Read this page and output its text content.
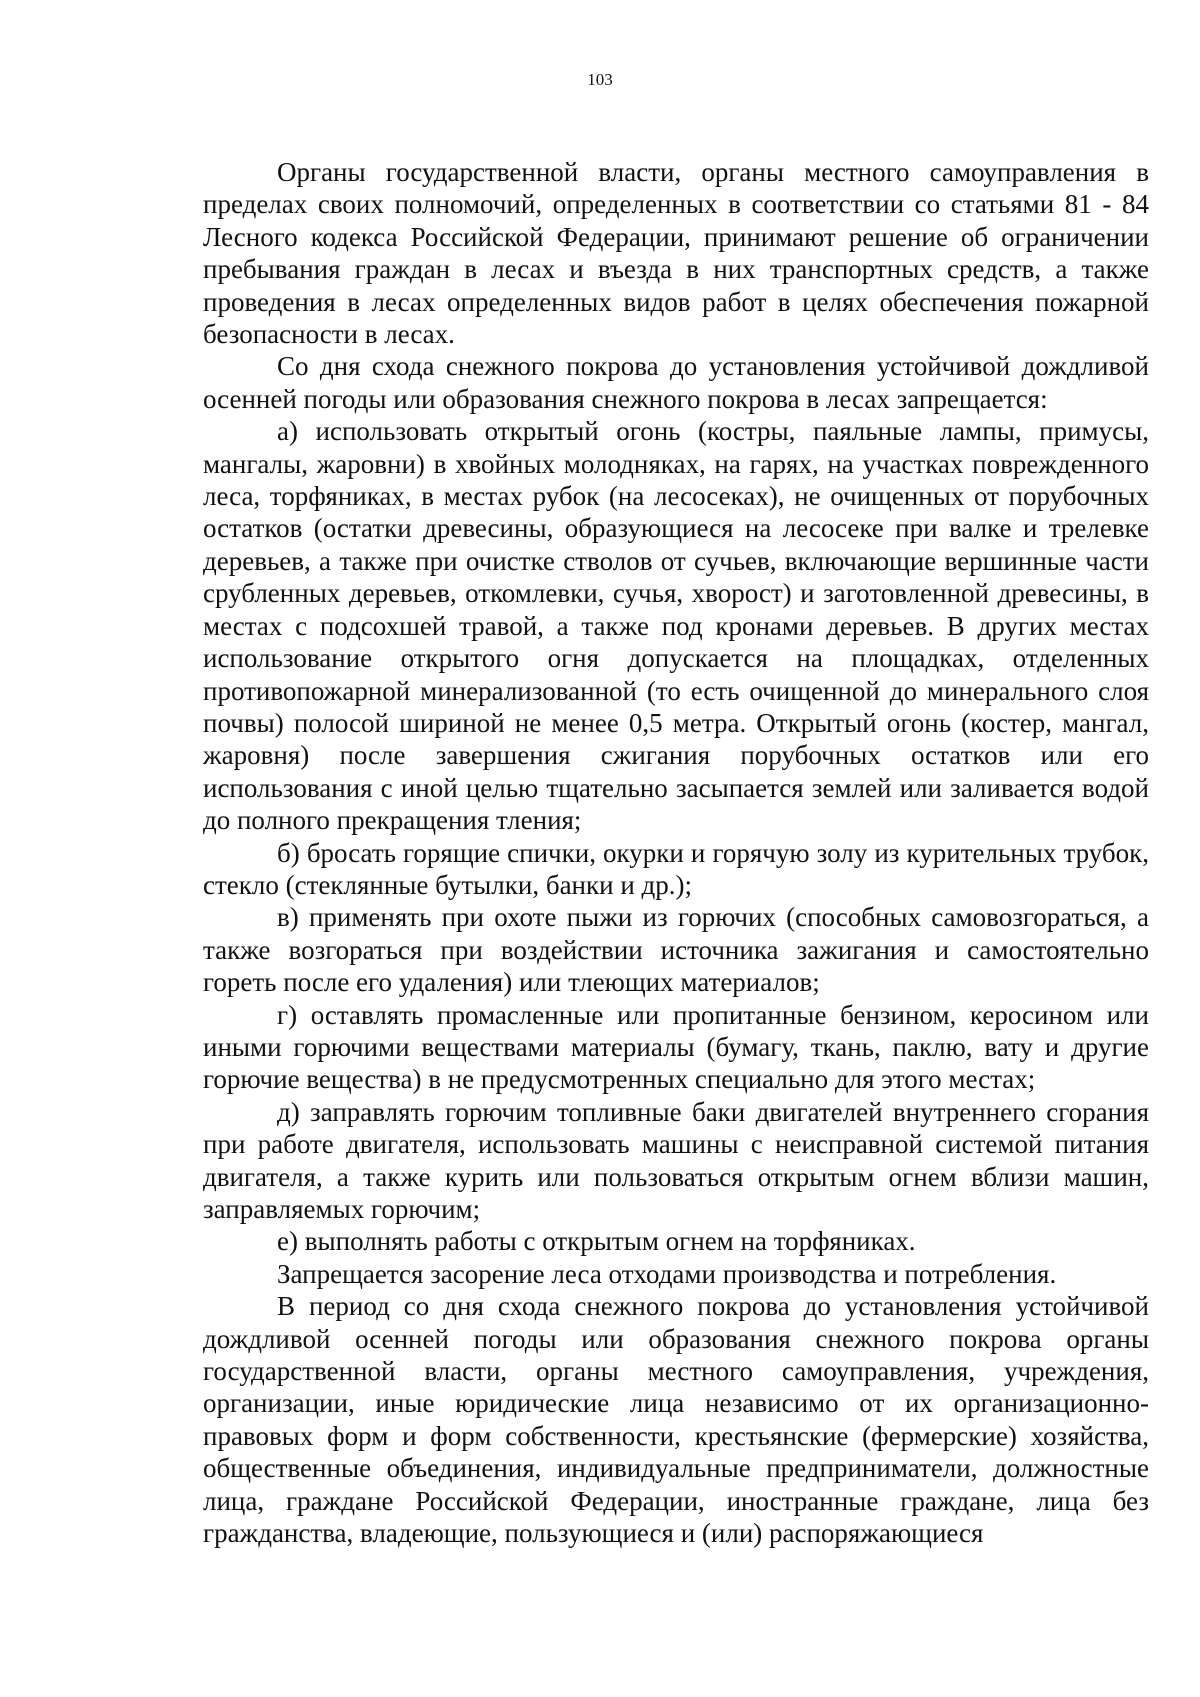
103

Органы государственной власти, органы местного самоуправления в пределах своих полномочий, определенных в соответствии со статьями 81 - 84 Лесного кодекса Российской Федерации, принимают решение об ограничении пребывания граждан в лесах и въезда в них транспортных средств, а также проведения в лесах определенных видов работ в целях обеспечения пожарной безопасности в лесах.

Со дня схода снежного покрова до установления устойчивой дождливой осенней погоды или образования снежного покрова в лесах запрещается:

а) использовать открытый огонь (костры, паяльные лампы, примусы, мангалы, жаровни) в хвойных молодняках, на гарях, на участках поврежденного леса, торфяниках, в местах рубок (на лесосеках), не очищенных от порубочных остатков (остатки древесины, образующиеся на лесосеке при валке и трелевке деревьев, а также при очистке стволов от сучьев, включающие вершинные части срубленных деревьев, откомлевки, сучья, хворост) и заготовленной древесины, в местах с подсохшей травой, а также под кронами деревьев. В других местах использование открытого огня допускается на площадках, отделенных противопожарной минерализованной (то есть очищенной до минерального слоя почвы) полосой шириной не менее 0,5 метра. Открытый огонь (костер, мангал, жаровня) после завершения сжигания порубочных остатков или его использования с иной целью тщательно засыпается землей или заливается водой до полного прекращения тления;

б) бросать горящие спички, окурки и горячую золу из курительных трубок, стекло (стеклянные бутылки, банки и др.);

в) применять при охоте пыжи из горючих (способных самовозгораться, а также возгораться при воздействии источника зажигания и самостоятельно гореть после его удаления) или тлеющих материалов;

г) оставлять промасленные или пропитанные бензином, керосином или иными горючими веществами материалы (бумагу, ткань, паклю, вату и другие горючие вещества) в не предусмотренных специально для этого местах;

д) заправлять горючим топливные баки двигателей внутреннего сгорания при работе двигателя, использовать машины с неисправной системой питания двигателя, а также курить или пользоваться открытым огнем вблизи машин, заправляемых горючим;

е) выполнять работы с открытым огнем на торфяниках.

Запрещается засорение леса отходами производства и потребления.

В период со дня схода снежного покрова до установления устойчивой дождливой осенней погоды или образования снежного покрова органы государственной власти, органы местного самоуправления, учреждения, организации, иные юридические лица независимо от их организационно-правовых форм и форм собственности, крестьянские (фермерские) хозяйства, общественные объединения, индивидуальные предприниматели, должностные лица, граждане Российской Федерации, иностранные граждане, лица без гражданства, владеющие, пользующиеся и (или) распоряжающиеся
